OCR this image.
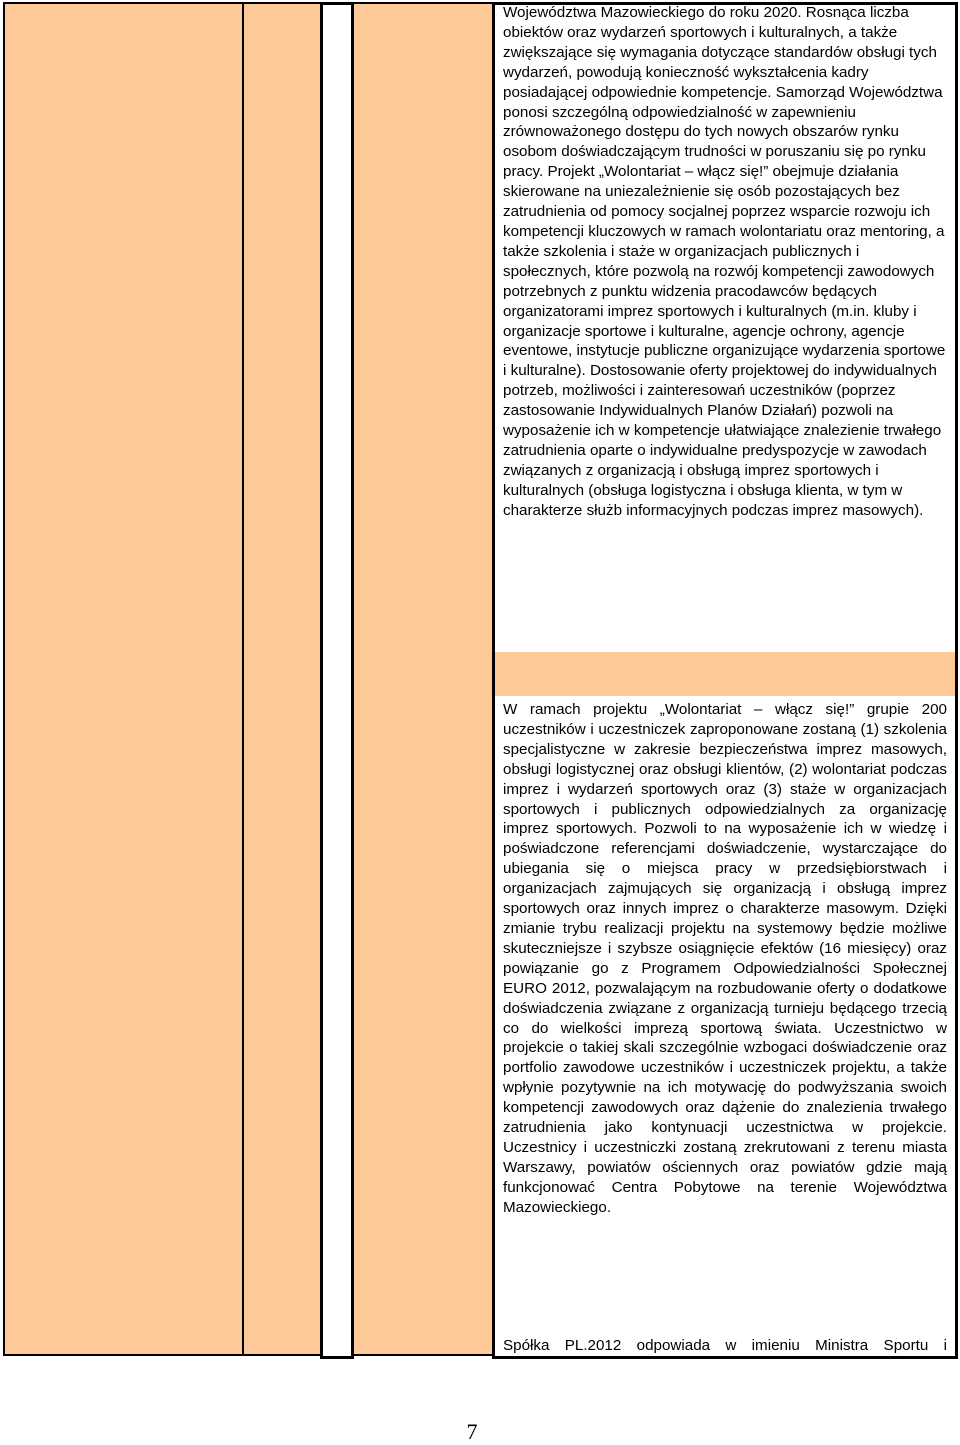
Województwa Mazowieckiego do roku 2020. Rosnąca liczba obiektów oraz wydarzeń sportowych i kulturalnych, a także zwiększające się wymagania dotyczące standardów obsługi tych wydarzeń, powodują konieczność wykształcenia kadry posiadającej odpowiednie kompetencje. Samorząd Województwa ponosi szczególną odpowiedzialność w zapewnieniu zrównoważonego dostępu do tych nowych obszarów rynku osobom doświadczającym trudności w poruszaniu się po rynku pracy. Projekt „Wolontariat – włącz się!” obejmuje działania skierowane na uniezależnienie się osób pozostających bez zatrudnienia od pomocy socjalnej poprzez wsparcie rozwoju ich kompetencji kluczowych w ramach wolontariatu oraz mentoring, a także szkolenia i staże w organizacjach publicznych i społecznych, które pozwolą na rozwój kompetencji zawodowych potrzebnych z punktu widzenia pracodawców będących organizatorami imprez sportowych i kulturalnych (m.in. kluby i organizacje sportowe i kulturalne, agencje ochrony, agencje eventowe, instytucje publiczne organizujące wydarzenia sportowe i kulturalne). Dostosowanie oferty projektowej do indywidualnych potrzeb, możliwości i zainteresowań uczestników (poprzez zastosowanie Indywidualnych Planów Działań) pozwoli na wyposażenie ich w kompetencje ułatwiające znalezienie trwałego zatrudnienia oparte o indywidualne predyspozycje w zawodach związanych z organizacją i obsługą imprez sportowych i kulturalnych (obsługa logistyczna i obsługa klienta, w tym w charakterze służb informacyjnych podczas imprez masowych).

W ramach projektu „Wolontariat – włącz się!” grupie 200 uczestników i uczestniczek zaproponowane zostaną (1) szkolenia specjalistyczne w zakresie bezpieczeństwa imprez masowych, obsługi logistycznej oraz obsługi klientów, (2) wolontariat podczas imprez i wydarzeń sportowych oraz (3) staże w organizacjach sportowych i publicznych odpowiedzialnych za organizację imprez sportowych. Pozwoli to na wyposażenie ich w wiedzę i poświadczone referencjami doświadczenie, wystarczające do ubiegania się o miejsca pracy w przedsiębiorstwach i organizacjach zajmujących się organizacją i obsługą imprez sportowych oraz innych imprez o charakterze masowym. Dzięki zmianie trybu realizacji projektu na systemowy będzie możliwe skuteczniejsze i szybsze osiągnięcie efektów (16 miesięcy) oraz powiązanie go z Programem Odpowiedzialności Społecznej EURO 2012, pozwalającym na rozbudowanie oferty o dodatkowe doświadczenia związane z organizacją turnieju będącego trzecią co do wielkości imprezą sportową świata. Uczestnictwo w projekcie o takiej skali szczególnie wzbogaci doświadczenie oraz portfolio zawodowe uczestników i uczestniczek projektu, a także wpłynie pozytywnie na ich motywację do podwyższania swoich kompetencji zawodowych oraz dążenie do znalezienia trwałego zatrudnienia jako kontynuacji uczestnictwa w projekcie. Uczestnicy i uczestniczki zostaną zrekrutowani z terenu miasta Warszawy, powiatów ościennych oraz powiatów gdzie mają funkcjonować Centra Pobytowe na terenie Województwa Mazowieckiego.

Spółka PL.2012 odpowiada w imieniu Ministra Sportu i

7
